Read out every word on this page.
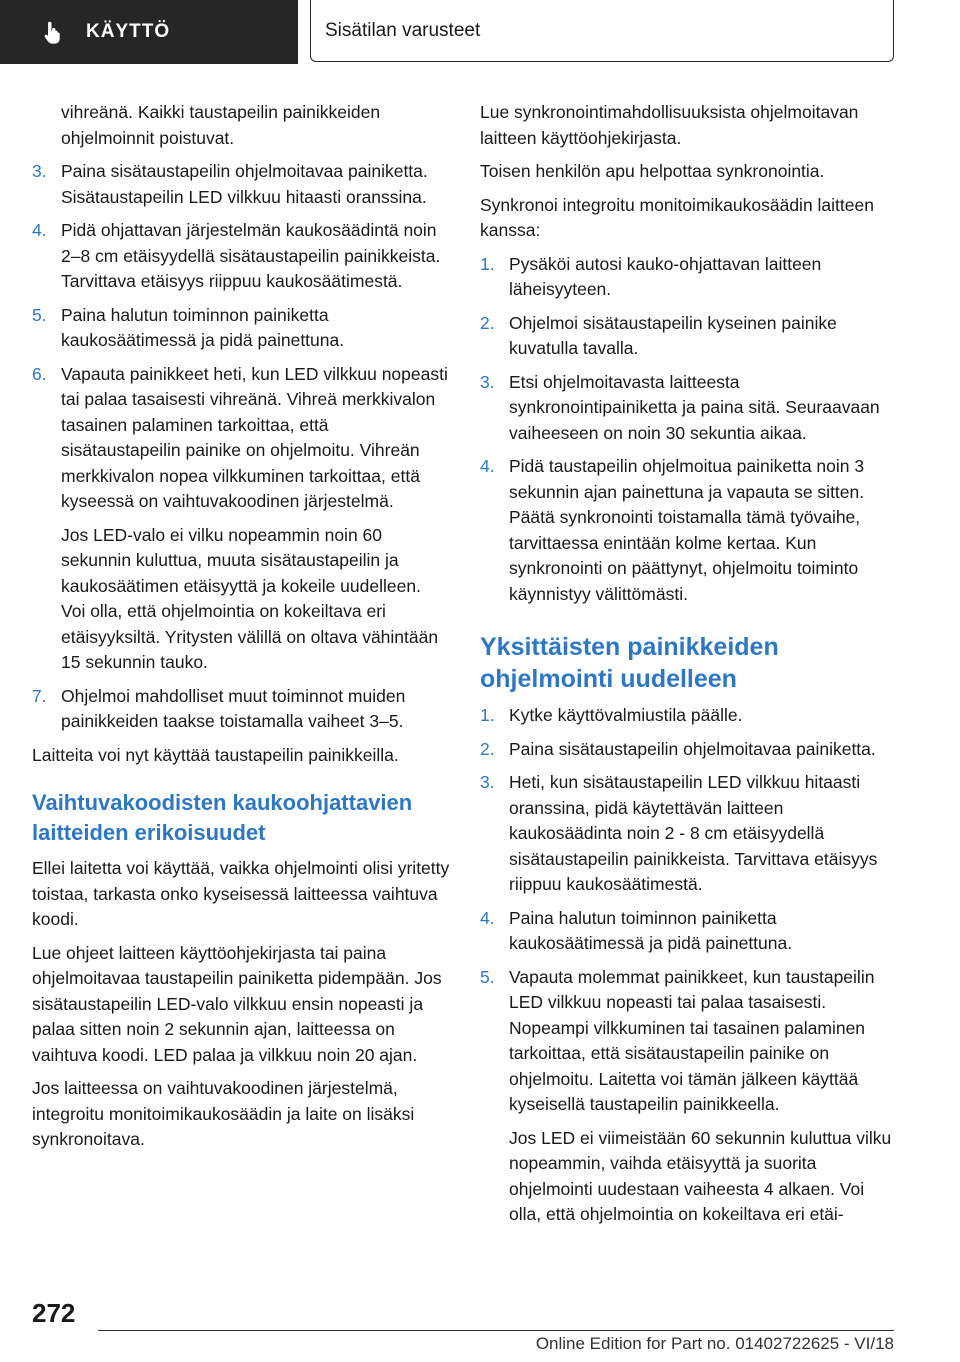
KÄYTTÖ	Sisätilan varusteet
vihreänä. Kaikki taustapeilin painikkeiden ohjelmoinnit poistuvat.
3. Paina sisätaustapeilin ohjelmoitavaa painiketta. Sisätaustapeilin LED vilkkuu hitaasti oranssina.
4. Pidä ohjattavan järjestelmän kaukosäädintä noin 2–8 cm etäisyydellä sisätaustapeilin painikkeista. Tarvittava etäisyys riippuu kaukosäätimestä.
5. Paina halutun toiminnon painiketta kaukosäätimessä ja pidä painettuna.
6. Vapauta painikkeet heti, kun LED vilkkuu nopeasti tai palaa tasaisesti vihreänä. Vihreä merkkivalon tasainen palaminen tarkoittaa, että sisätaustapeilin painike on ohjelmoitu. Vihreän merkkivalon nopea vilkkuminen tarkoittaa, että kyseessä on vaihtuvakoodinen järjestelmä.
Jos LED-valo ei vilku nopeammin noin 60 sekunnin kuluttua, muuta sisätaustapeilin ja kaukosäätimen etäisyyttä ja kokeile uudelleen. Voi olla, että ohjelmointia on kokeiltava eri etäisyyksiltä. Yritysten välillä on oltava vähintään 15 sekunnin tauko.
7. Ohjelmoi mahdolliset muut toiminnot muiden painikkeiden taakse toistamalla vaiheet 3–5.
Laitteita voi nyt käyttää taustapeilin painikkeilla.
Vaihtuvakoodisten kaukoohjattavien laitteiden erikoisuudet
Ellei laitetta voi käyttää, vaikka ohjelmointi olisi yritetty toistaa, tarkasta onko kyseisessä laitteessa vaihtuva koodi.
Lue ohjeet laitteen käyttöohjekirjasta tai paina ohjelmoitavaa taustapeilin painiketta pidempään. Jos sisätaustapeilin LED-valo vilkkuu ensin nopeasti ja palaa sitten noin 2 sekunnin ajan, laitteessa on vaihtuva koodi. LED palaa ja vilkkuu noin 20 ajan.
Jos laitteessa on vaihtuvakoodinen järjestelmä, integroitu monitoimikaukosäädin ja laite on lisäksi synkronoitava.
Lue synkronointimahdollisuuksista ohjelmoitavan laitteen käyttöohjekirjasta.
Toisen henkilön apu helpottaa synkronointia.
Synkronoi integroitu monitoimikaukosäädin laitteen kanssa:
1. Pysäköi autosi kauko-ohjattavan laitteen läheisyyteen.
2. Ohjelmoi sisätaustapeilin kyseinen painike kuvatulla tavalla.
3. Etsi ohjelmoitavasta laitteesta synkronointipainiketta ja paina sitä. Seuraavaan vaiheeseen on noin 30 sekuntia aikaa.
4. Pidä taustapeilin ohjelmoitua painiketta noin 3 sekunnin ajan painettuna ja vapauta se sitten. Päätä synkronointi toistamalla tämä työvaihe, tarvittaessa enintään kolme kertaa. Kun synkronointi on päättynyt, ohjelmoitu toiminto käynnistyy välittömästi.
Yksittäisten painikkeiden ohjelmointi uudelleen
1. Kytke käyttövalmiustila päälle.
2. Paina sisätaustapeilin ohjelmoitavaa painiketta.
3. Heti, kun sisätaustapeilin LED vilkkuu hitaasti oranssina, pidä käytettävän laitteen kaukosäädinta noin 2 - 8 cm etäisyydellä sisätaustapeilin painikkeista. Tarvittava etäisyys riippuu kaukosäätimestä.
4. Paina halutun toiminnon painiketta kaukosäätimessä ja pidä painettuna.
5. Vapauta molemmat painikkeet, kun taustapeilin LED vilkkuu nopeasti tai palaa tasaisesti. Nopeampi vilkkuminen tai tasainen palaminen tarkoittaa, että sisätaustapeilin painike on ohjelmoitu. Laitetta voi tämän jälkeen käyttää kyseisellä taustapeilin painikkeella.
Jos LED ei viimeistään 60 sekunnin kuluttua vilku nopeammin, vaihda etäisyyttä ja suorita ohjelmointi uudestaan vaiheesta 4 alkaen. Voi olla, että ohjelmointia on kokeiltava eri etäi-
272
Online Edition for Part no. 01402722625 - VI/18
